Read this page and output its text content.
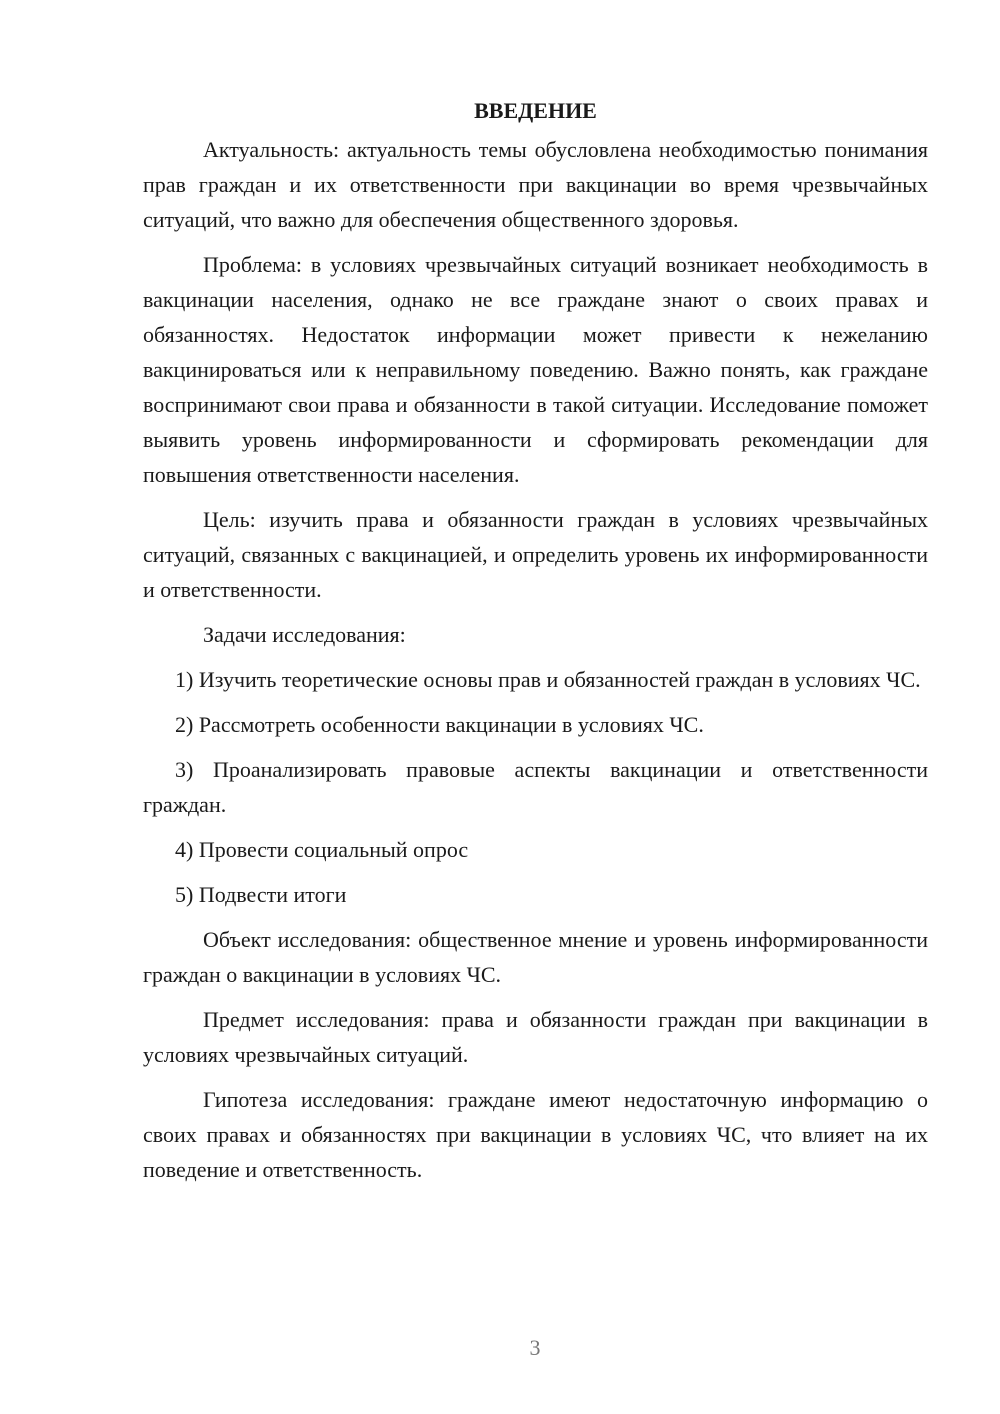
ВВЕДЕНИЕ

Актуальность: актуальность темы обусловлена необходимостью понимания прав граждан и их ответственности при вакцинации во время чрезвычайных ситуаций, что важно для обеспечения общественного здоровья.

Проблема: в условиях чрезвычайных ситуаций возникает необходимость в вакцинации населения, однако не все граждане знают о своих правах и обязанностях. Недостаток информации может привести к нежеланию вакцинироваться или к неправильному поведению. Важно понять, как граждане воспринимают свои права и обязанности в такой ситуации. Исследование поможет выявить уровень информированности и сформировать рекомендации для повышения ответственности населения.

Цель: изучить права и обязанности граждан в условиях чрезвычайных ситуаций, связанных с вакцинацией, и определить уровень их информированности и ответственности.

Задачи исследования:

1) Изучить теоретические основы прав и обязанностей граждан в условиях ЧС.

2) Рассмотреть особенности вакцинации в условиях ЧС.

3) Проанализировать правовые аспекты вакцинации и ответственности граждан.

4) Провести социальный опрос

5) Подвести итоги

Объект исследования: общественное мнение и уровень информированности граждан о вакцинации в условиях ЧС.

Предмет исследования: права и обязанности граждан при вакцинации в условиях чрезвычайных ситуаций.

Гипотеза исследования: граждане имеют недостаточную информацию о своих правах и обязанностях при вакцинации в условиях ЧС, что влияет на их поведение и ответственность.

3
